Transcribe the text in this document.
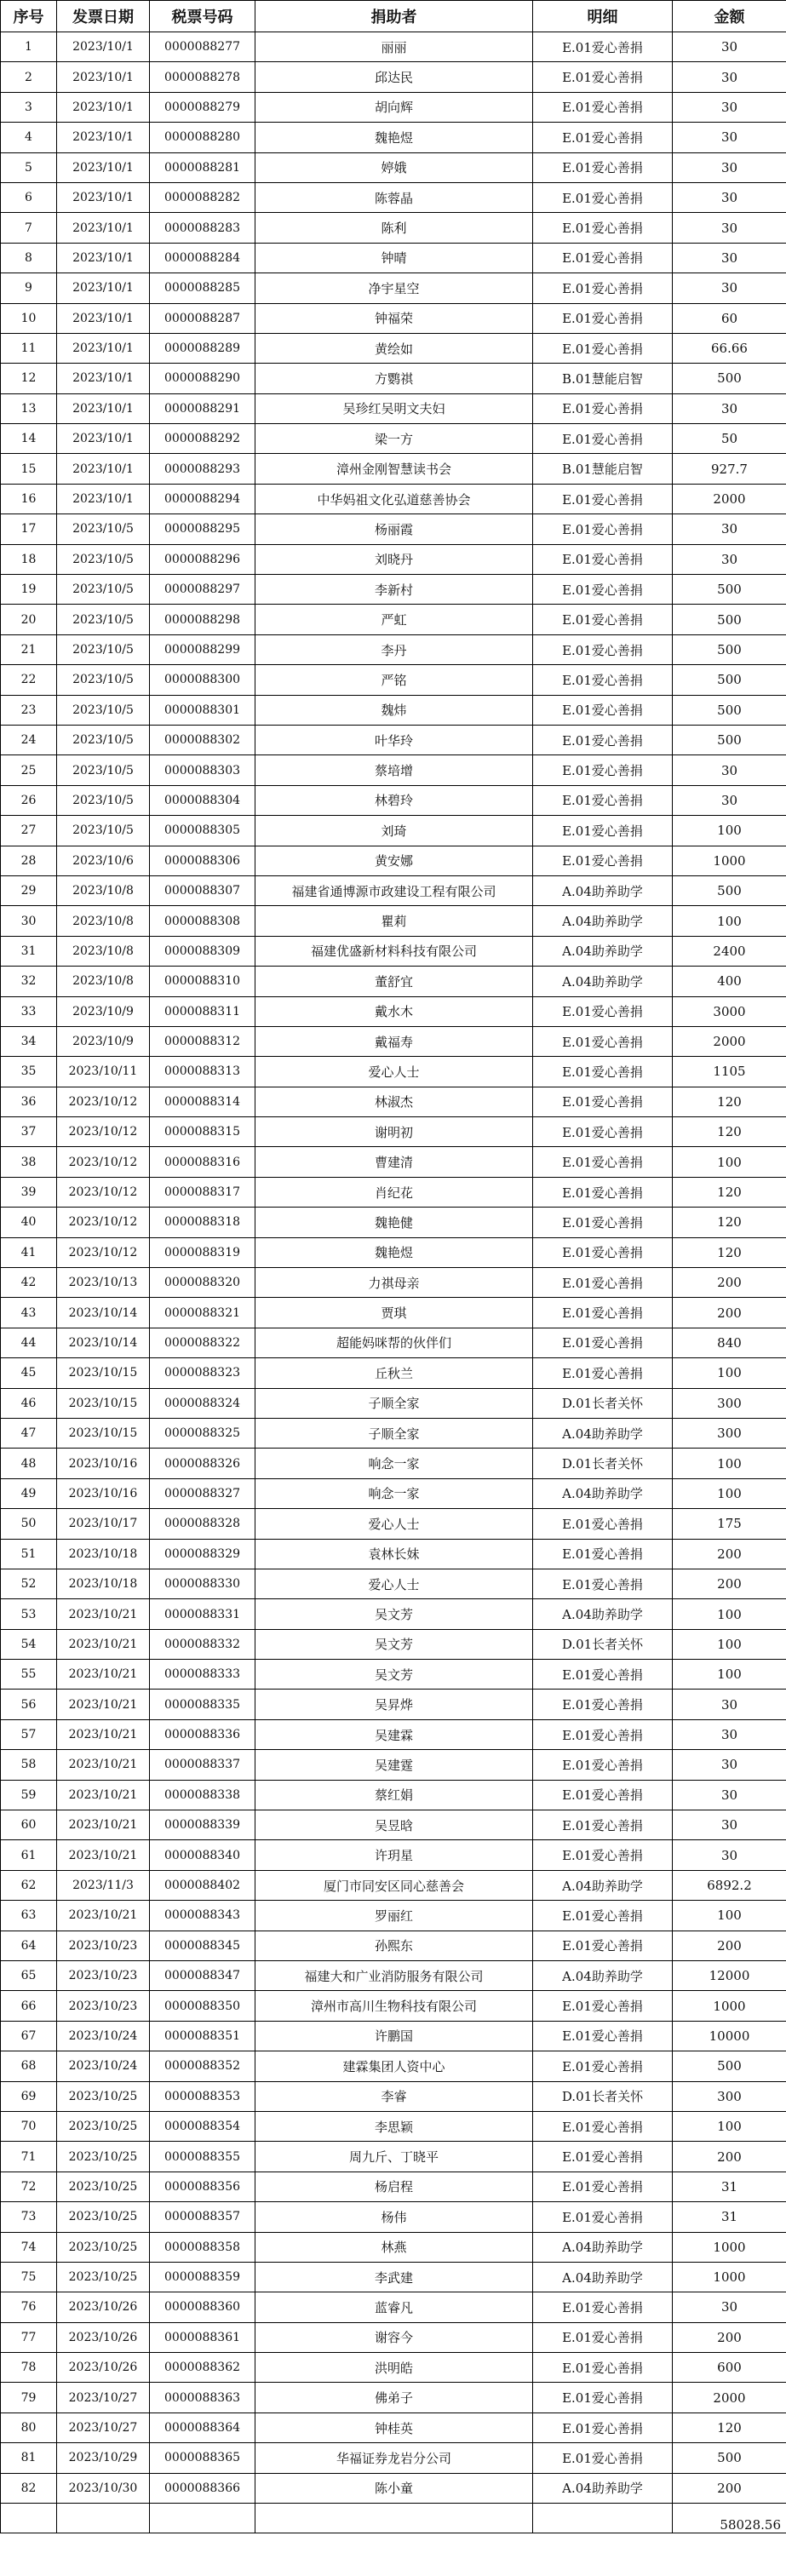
序号	发票日期	税票号码	捐助者	明细	金额
1	2023/10/1	0000088277	丽丽	E.01爱心善捐	30
2	2023/10/1	0000088278	邱达民	E.01爱心善捐	30
3	2023/10/1	0000088279	胡向辉	E.01爱心善捐	30
4	2023/10/1	0000088280	魏艳煜	E.01爱心善捐	30
5	2023/10/1	0000088281	婷娥	E.01爱心善捐	30
6	2023/10/1	0000088282	陈蓉晶	E.01爱心善捐	30
7	2023/10/1	0000088283	陈利	E.01爱心善捐	30
8	2023/10/1	0000088284	钟晴	E.01爱心善捐	30
9	2023/10/1	0000088285	净宇星空	E.01爱心善捐	30
10	2023/10/1	0000088287	钟福荣	E.01爱心善捐	60
11	2023/10/1	0000088289	黄绘如	E.01爱心善捐	66.66
12	2023/10/1	0000088290	方鹦祺	B.01慧能启智	500
13	2023/10/1	0000088291	吴珍红吴明文夫妇	E.01爱心善捐	30
14	2023/10/1	0000088292	梁一方	E.01爱心善捐	50
15	2023/10/1	0000088293	漳州金刚智慧读书会	B.01慧能启智	927.7
16	2023/10/1	0000088294	中华妈祖文化弘道慈善协会	E.01爱心善捐	2000
17	2023/10/5	0000088295	杨丽霞	E.01爱心善捐	30
18	2023/10/5	0000088296	刘晓丹	E.01爱心善捐	30
19	2023/10/5	0000088297	李新村	E.01爱心善捐	500
20	2023/10/5	0000088298	严虹	E.01爱心善捐	500
21	2023/10/5	0000088299	李丹	E.01爱心善捐	500
22	2023/10/5	0000088300	严铭	E.01爱心善捐	500
23	2023/10/5	0000088301	魏炜	E.01爱心善捐	500
24	2023/10/5	0000088302	叶华玲	E.01爱心善捐	500
25	2023/10/5	0000088303	蔡培增	E.01爱心善捐	30
26	2023/10/5	0000088304	林碧玲	E.01爱心善捐	30
27	2023/10/5	0000088305	刘琦	E.01爱心善捐	100
28	2023/10/6	0000088306	黄安娜	E.01爱心善捐	1000
29	2023/10/8	0000088307	福建省通博源市政建设工程有限公司	A.04助养助学	500
30	2023/10/8	0000088308	瞿莉	A.04助养助学	100
31	2023/10/8	0000088309	福建优盛新材料科技有限公司	A.04助养助学	2400
32	2023/10/8	0000088310	董舒宜	A.04助养助学	400
33	2023/10/9	0000088311	戴水木	E.01爱心善捐	3000
34	2023/10/9	0000088312	戴福寿	E.01爱心善捐	2000
35	2023/10/11	0000088313	爱心人士	E.01爱心善捐	1105
36	2023/10/12	0000088314	林淑杰	E.01爱心善捐	120
37	2023/10/12	0000088315	谢明初	E.01爱心善捐	120
38	2023/10/12	0000088316	曹建清	E.01爱心善捐	100
39	2023/10/12	0000088317	肖纪花	E.01爱心善捐	120
40	2023/10/12	0000088318	魏艳健	E.01爱心善捐	120
41	2023/10/12	0000088319	魏艳煜	E.01爱心善捐	120
42	2023/10/13	0000088320	力祺母亲	E.01爱心善捐	200
43	2023/10/14	0000088321	贾琪	E.01爱心善捐	200
44	2023/10/14	0000088322	超能妈咪帮的伙伴们	E.01爱心善捐	840
45	2023/10/15	0000088323	丘秋兰	E.01爱心善捐	100
46	2023/10/15	0000088324	子顺全家	D.01长者关怀	300
47	2023/10/15	0000088325	子顺全家	A.04助养助学	300
48	2023/10/16	0000088326	响念一家	D.01长者关怀	100
49	2023/10/16	0000088327	响念一家	A.04助养助学	100
50	2023/10/17	0000088328	爱心人士	E.01爱心善捐	175
51	2023/10/18	0000088329	袁林长妹	E.01爱心善捐	200
52	2023/10/18	0000088330	爱心人士	E.01爱心善捐	200
53	2023/10/21	0000088331	吴文芳	A.04助养助学	100
54	2023/10/21	0000088332	吴文芳	D.01长者关怀	100
55	2023/10/21	0000088333	吴文芳	E.01爱心善捐	100
56	2023/10/21	0000088335	吴昇烨	E.01爱心善捐	30
57	2023/10/21	0000088336	吴建霖	E.01爱心善捐	30
58	2023/10/21	0000088337	吴建霆	E.01爱心善捐	30
59	2023/10/21	0000088338	蔡红娟	E.01爱心善捐	30
60	2023/10/21	0000088339	吴昱晗	E.01爱心善捐	30
61	2023/10/21	0000088340	许玥星	E.01爱心善捐	30
62	2023/11/3	0000088402	厦门市同安区同心慈善会	A.04助养助学	6892.2
63	2023/10/21	0000088343	罗丽红	E.01爱心善捐	100
64	2023/10/23	0000088345	孙熙东	E.01爱心善捐	200
65	2023/10/23	0000088347	福建大和广业消防服务有限公司	A.04助养助学	12000
66	2023/10/23	0000088350	漳州市高川生物科技有限公司	E.01爱心善捐	1000
67	2023/10/24	0000088351	许鹏国	E.01爱心善捐	10000
68	2023/10/24	0000088352	建霖集团人资中心	E.01爱心善捐	500
69	2023/10/25	0000088353	李睿	D.01长者关怀	300
70	2023/10/25	0000088354	李思颖	E.01爱心善捐	100
71	2023/10/25	0000088355	周九斤、丁晓平	E.01爱心善捐	200
72	2023/10/25	0000088356	杨启程	E.01爱心善捐	31
73	2023/10/25	0000088357	杨伟	E.01爱心善捐	31
74	2023/10/25	0000088358	林燕	A.04助养助学	1000
75	2023/10/25	0000088359	李武建	A.04助养助学	1000
76	2023/10/26	0000088360	蓝睿凡	E.01爱心善捐	30
77	2023/10/26	0000088361	谢容今	E.01爱心善捐	200
78	2023/10/26	0000088362	洪明皓	E.01爱心善捐	600
79	2023/10/27	0000088363	佛弟子	E.01爱心善捐	2000
80	2023/10/27	0000088364	钟桂英	E.01爱心善捐	120
81	2023/10/29	0000088365	华福证券龙岩分公司	E.01爱心善捐	500
82	2023/10/30	0000088366	陈小童	A.04助养助学	200
					58028.56
